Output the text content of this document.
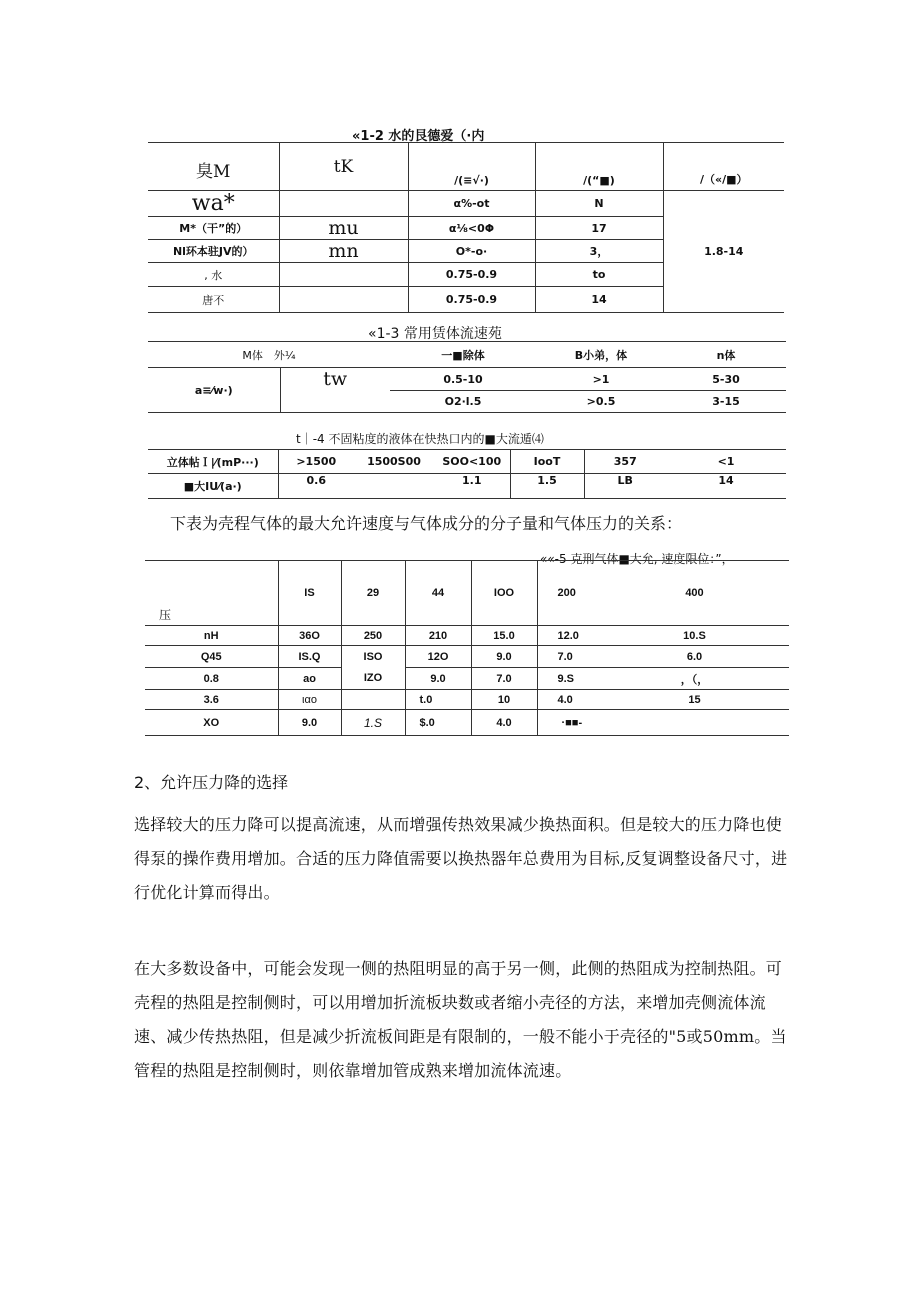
«1-2 水的艮德爱（·内
臭M	tK	/(≡√·)	/(“■)	/（«/■）
wa*		α%-ot	N	1.8-14
M*（干”的）	mu	α⅛<0Φ	17	
Nl环本驻JV的）	mn	O*-o·	3，	
, 水		0.75-0.9	to	
唐不		0.75-0.9	14	
«1-3 常用赁体流速苑
M体　外¼		一■除体	B小弟，体	n体
a≡⁄w·)	tw	0.5-10	>1	5-30
		O2·l.5	>0.5	3-15
t｜-4 不固粘度的液体在快热口内的■大流遁⑷
立体帖Ｉ|⁄(mP···)	>1500	1500S00	SOO<100	IooT	357	<1
■大IU⁄(a·)	0.6		1.1	1.5	LB	14
下表为壳程气体的最大允许速度与气体成分的分子量和气体压力的关系：
««-5 克刑气体■大允, 速度限位：”，
压	IS	29	44	IOO	200	400
nH	36O	250	210	15.0	12.0	10.S
Q45	IS.Q	ISO	12O	9.0	7.0	6.0
0.8	ao	IZO	9.0	7.0	9.S	，（，
3.6	ιαo		t.0	10	4.0	15
XO	9.0	1.S	$.0	4.0	·■■-	
2、允许压力降的选择
选择较大的压力降可以提高流速，从而增强传热效果减少换热面积。但是较大的压力降也使得泵的操作费用增加。合适的压力降值需要以换热器年总费用为目标,反复调整设备尺寸，进行优化计算而得出。
在大多数设备中，可能会发现一侧的热阻明显的高于另一侧，此侧的热阻成为控制热阻。可壳程的热阻是控制侧时，可以用增加折流板块数或者缩小壳径的方法，来增加壳侧流体流速、减少传热热阻，但是减少折流板间距是有限制的，一般不能小于壳径的"5或50mm。当管程的热阻是控制侧时，则依靠增加管成熟来增加流体流速。
